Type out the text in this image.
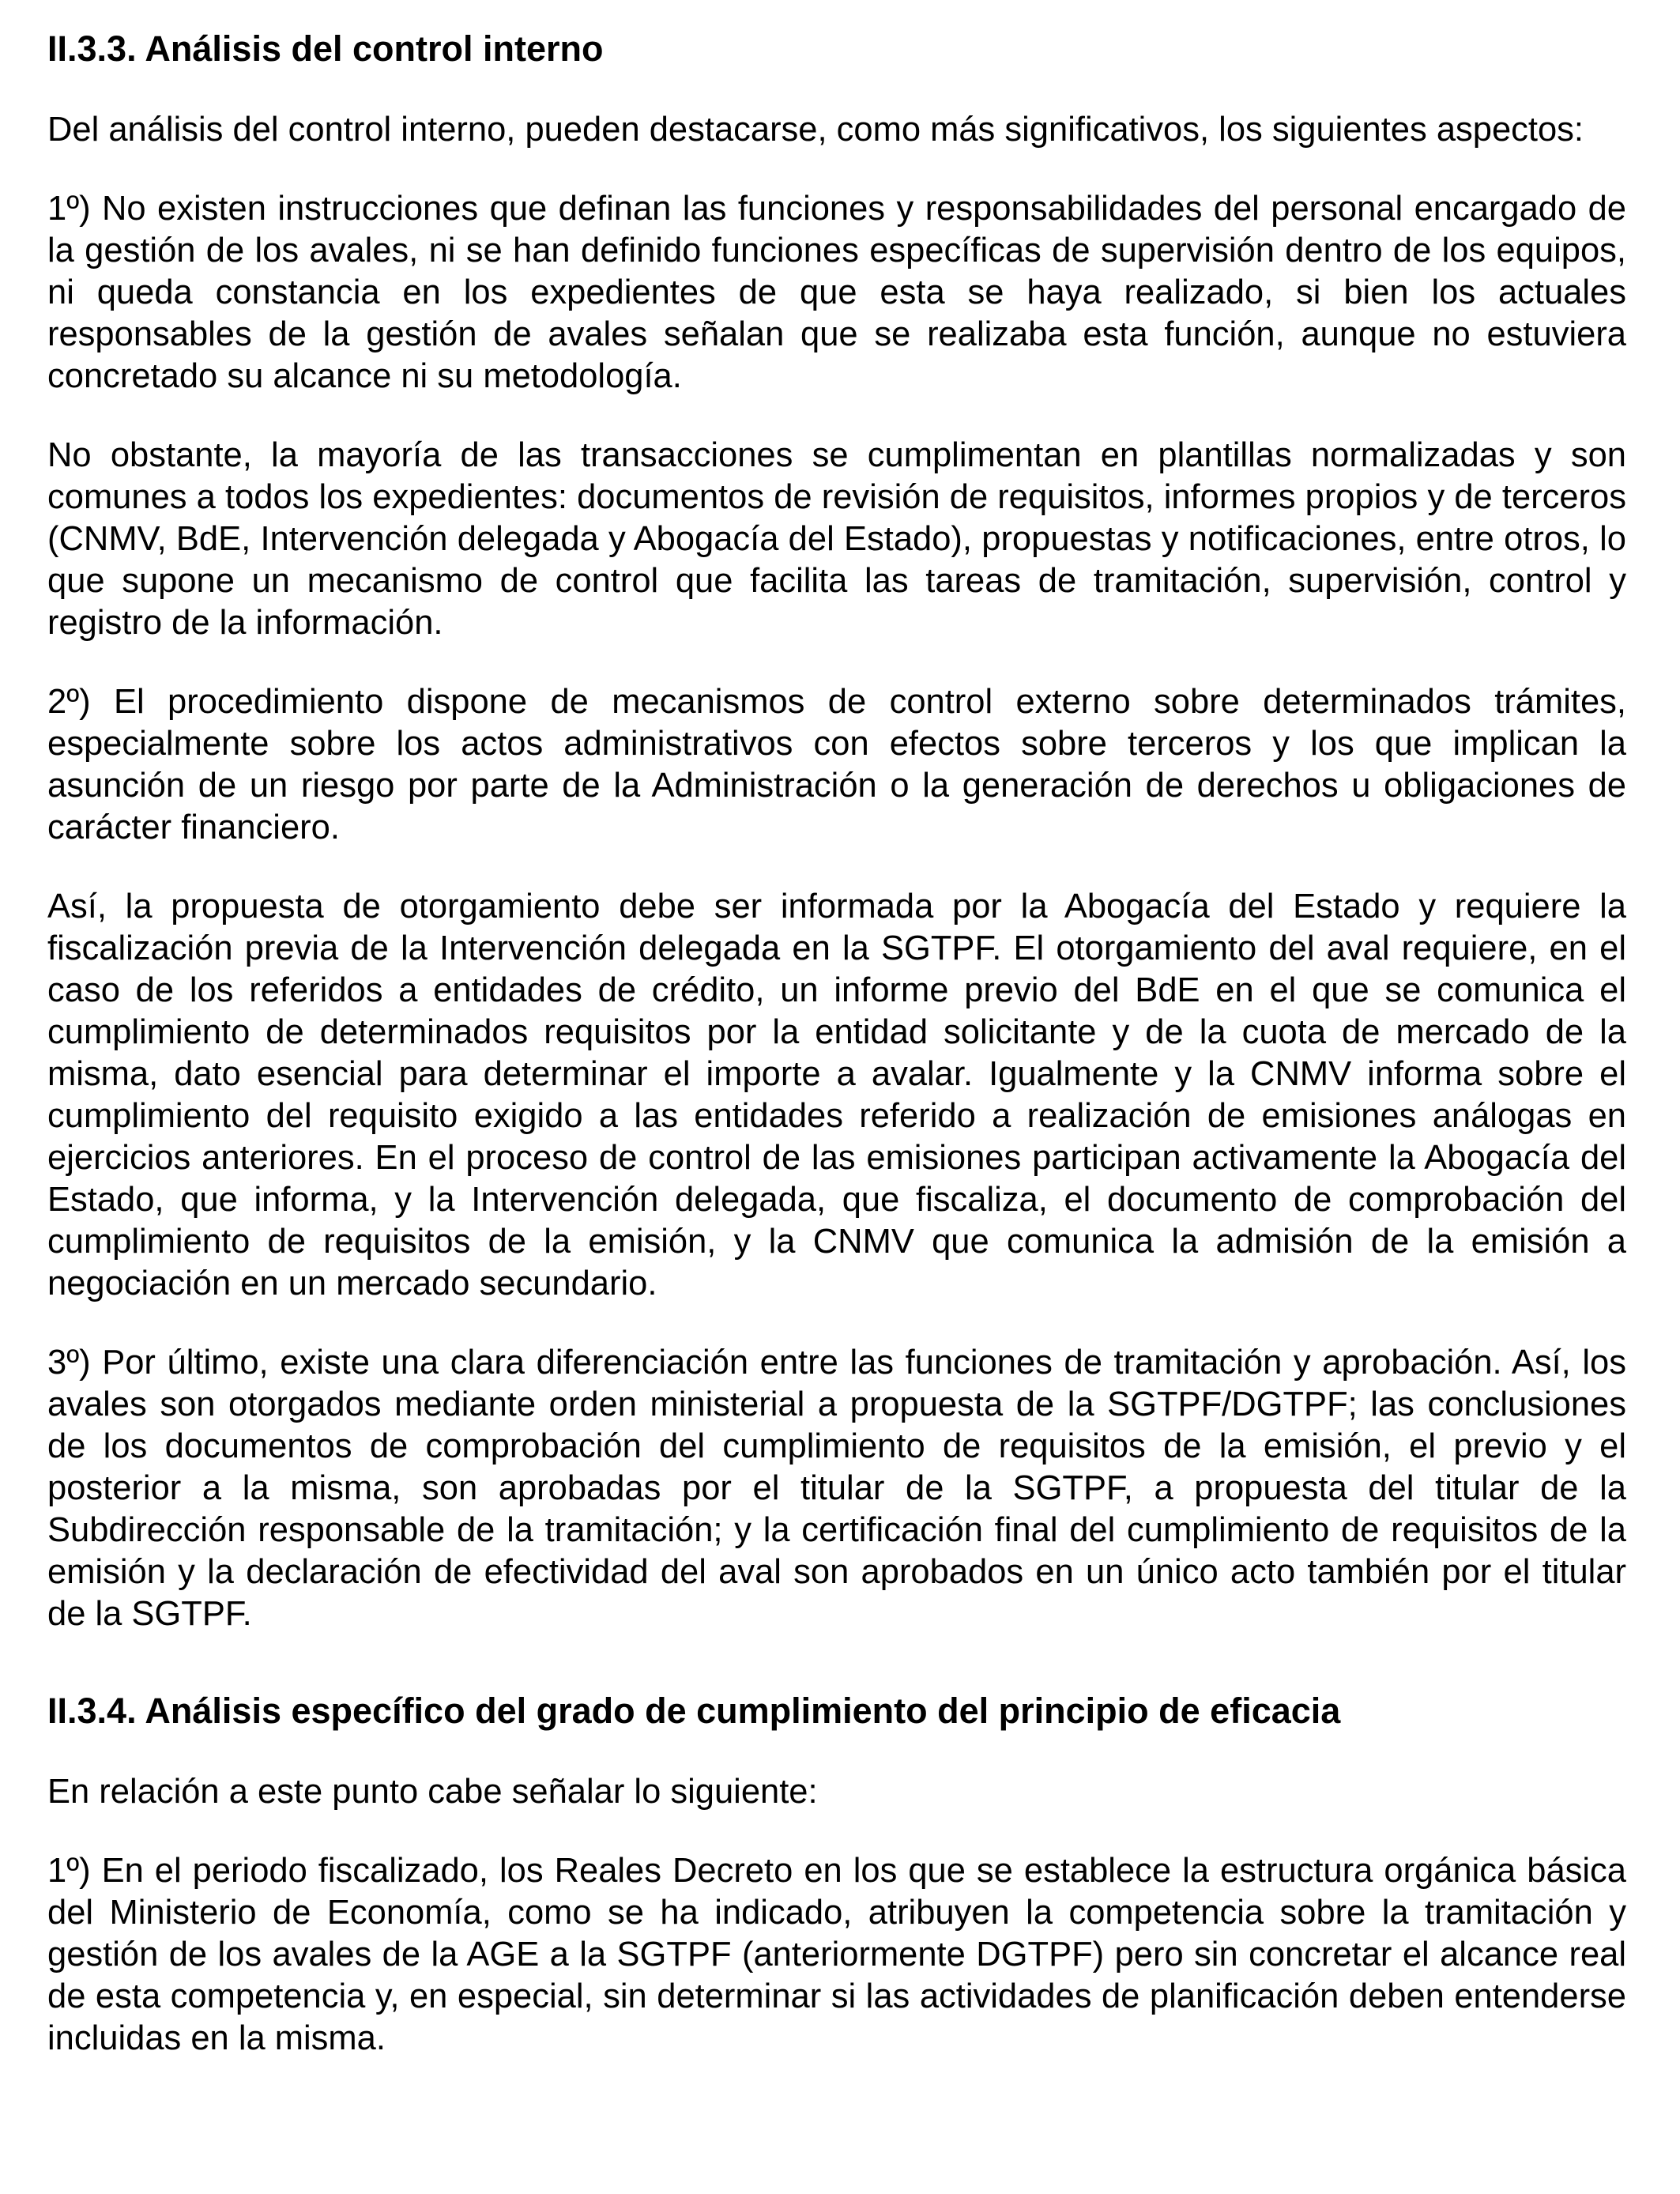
II.3.3. Análisis del control interno

Del análisis del control interno, pueden destacarse, como más significativos, los siguientes aspectos:

1º) No existen instrucciones que definan las funciones y responsabilidades del personal encargado de la gestión de los avales, ni se han definido funciones específicas de supervisión dentro de los equipos, ni queda constancia en los expedientes de que esta se haya realizado, si bien los actuales responsables de la gestión de avales señalan que se realizaba esta función, aunque no estuviera concretado su alcance ni su metodología.

No obstante, la mayoría de las transacciones se cumplimentan en plantillas normalizadas y son comunes a todos los expedientes: documentos de revisión de requisitos, informes propios y de terceros (CNMV, BdE, Intervención delegada y Abogacía del Estado), propuestas y notificaciones, entre otros, lo que supone un mecanismo de control que facilita las tareas de tramitación, supervisión, control y registro de la información.

2º) El procedimiento dispone de mecanismos de control externo sobre determinados trámites, especialmente sobre los actos administrativos con efectos sobre terceros y los que implican la asunción de un riesgo por parte de la Administración o la generación de derechos u obligaciones de carácter financiero.

Así, la propuesta de otorgamiento debe ser informada por la Abogacía del Estado y requiere la fiscalización previa de la Intervención delegada en la SGTPF. El otorgamiento del aval requiere, en el caso de los referidos a entidades de crédito, un informe previo del BdE en el que se comunica el cumplimiento de determinados requisitos por la entidad solicitante y de la cuota de mercado de la misma, dato esencial para determinar el importe a avalar. Igualmente y la CNMV informa sobre el cumplimiento del requisito exigido a las entidades referido a realización de emisiones análogas en ejercicios anteriores. En el proceso de control de las emisiones participan activamente la Abogacía del Estado, que informa, y la Intervención delegada, que fiscaliza, el documento de comprobación del cumplimiento de requisitos de la emisión, y la CNMV que comunica la admisión de la emisión a negociación en un mercado secundario.

3º) Por último, existe una clara diferenciación entre las funciones de tramitación y aprobación. Así, los avales son otorgados mediante orden ministerial a propuesta de la SGTPF/DGTPF; las conclusiones de los documentos de comprobación del cumplimiento de requisitos de la emisión, el previo y el posterior a la misma, son aprobadas por el titular de la SGTPF, a propuesta del titular de la Subdirección responsable de la tramitación; y la certificación final del cumplimiento de requisitos de la emisión y la declaración de efectividad del aval son aprobados en un único acto también por el titular de la SGTPF.

II.3.4. Análisis específico del grado de cumplimiento del principio de eficacia

En relación a este punto cabe señalar lo siguiente:

1º) En el periodo fiscalizado, los Reales Decreto en los que se establece la estructura orgánica básica del Ministerio de Economía, como se ha indicado, atribuyen la competencia sobre la tramitación y gestión de los avales de la AGE a la SGTPF (anteriormente DGTPF) pero sin concretar el alcance real de esta competencia y, en especial, sin determinar si las actividades de planificación deben entenderse incluidas en la misma.
